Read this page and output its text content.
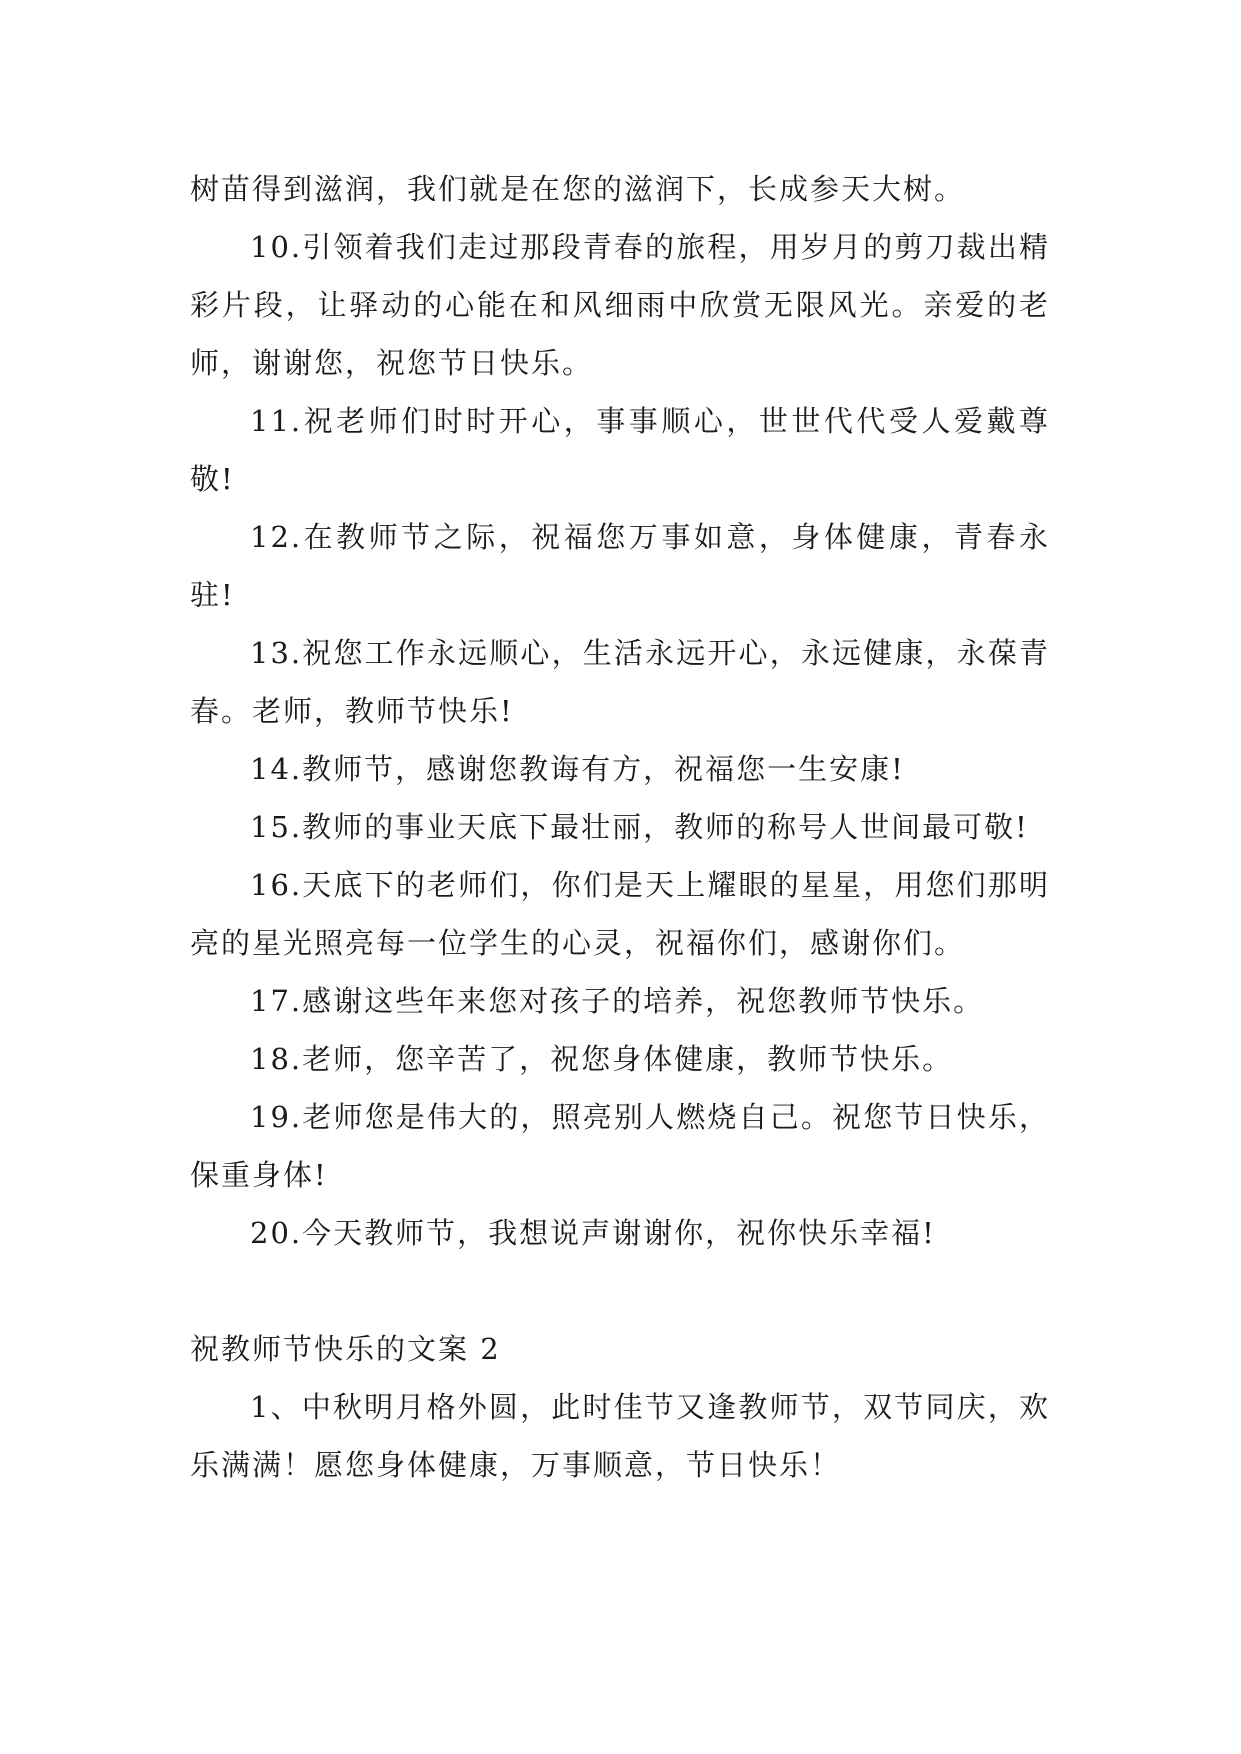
树苗得到滋润，我们就是在您的滋润下，长成参天大树。

10.引领着我们走过那段青春的旅程，用岁月的剪刀裁出精彩片段，让驿动的心能在和风细雨中欣赏无限风光。亲爱的老师，谢谢您，祝您节日快乐。

11.祝老师们时时开心，事事顺心，世世代代受人爱戴尊敬!

12.在教师节之际，祝福您万事如意，身体健康，青春永驻!

13.祝您工作永远顺心，生活永远开心，永远健康，永葆青春。老师，教师节快乐!

14.教师节，感谢您教诲有方，祝福您一生安康!

15.教师的事业天底下最壮丽，教师的称号人世间最可敬!

16.天底下的老师们，你们是天上耀眼的星星，用您们那明亮的星光照亮每一位学生的心灵，祝福你们，感谢你们。

17.感谢这些年来您对孩子的培养，祝您教师节快乐。

18.老师，您辛苦了，祝您身体健康，教师节快乐。

19.老师您是伟大的，照亮别人燃烧自己。祝您节日快乐，保重身体!

20.今天教师节，我想说声谢谢你，祝你快乐幸福!

祝教师节快乐的文案 2

1、中秋明月格外圆，此时佳节又逢教师节，双节同庆，欢乐满满！愿您身体健康，万事顺意，节日快乐！
